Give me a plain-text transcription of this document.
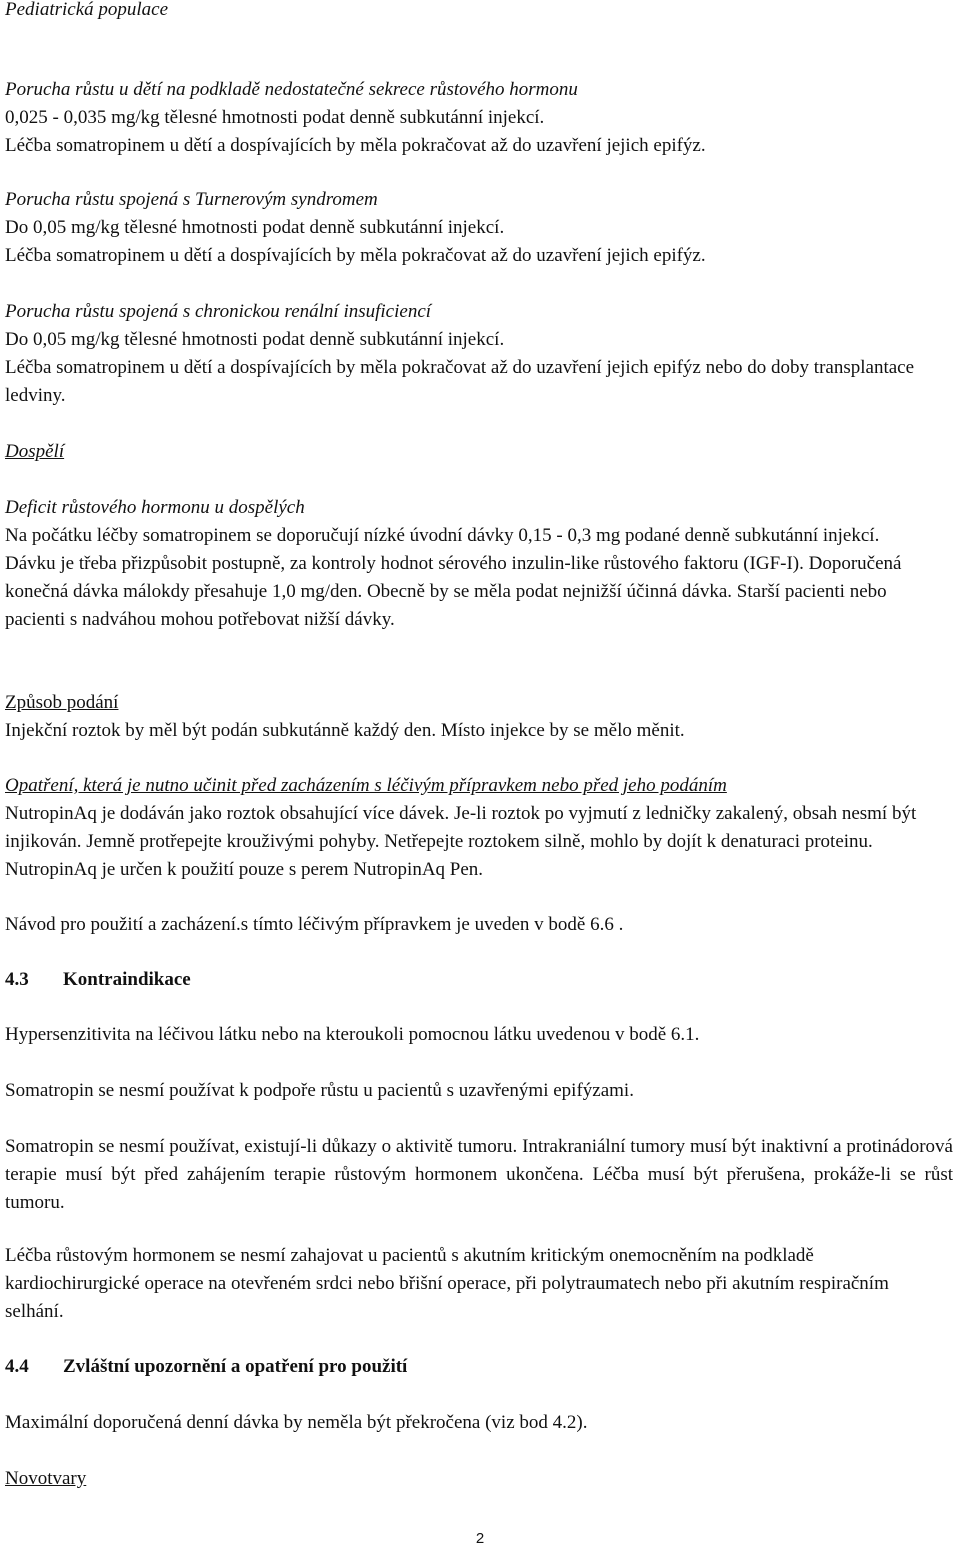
Pediatrická populace

Porucha růstu u dětí na podkladě nedostatečné sekrece růstového hormonu

0,025 - 0,035 mg/kg tělesné hmotnosti podat denně subkutánní injekcí.

Léčba somatropinem u dětí a dospívajících by měla pokračovat až do uzavření jejich epifýz.

Porucha růstu spojená s Turnerovým syndromem

Do 0,05 mg/kg tělesné hmotnosti podat denně subkutánní injekcí.

Léčba somatropinem u dětí a dospívajících by měla pokračovat až do uzavření jejich epifýz.

Porucha růstu spojená s chronickou renální insuficiencí

Do 0,05 mg/kg tělesné hmotnosti podat denně subkutánní injekcí.

Léčba somatropinem u dětí a dospívajících by měla pokračovat až do uzavření jejich epifýz nebo do doby transplantace ledviny.

Dospělí

Deficit růstového hormonu u dospělých

Na počátku léčby somatropinem se doporučují nízké úvodní dávky 0,15 - 0,3 mg podané denně subkutánní injekcí. Dávku je třeba přizpůsobit postupně, za kontroly hodnot sérového inzulin-like růstového faktoru (IGF-I). Doporučená konečná dávka málokdy přesahuje 1,0 mg/den. Obecně by se měla podat nejnižší účinná dávka. Starší pacienti nebo pacienti s nadváhou mohou potřebovat nižší dávky.

Způsob podání

Injekční roztok by měl být podán subkutánně každý den. Místo injekce by se mělo měnit.

Opatření, která je nutno učinit před zacházením s léčivým přípravkem nebo před jeho podáním

NutropinAq je dodáván jako roztok obsahující více dávek. Je-li roztok po vyjmutí z ledničky zakalený, obsah nesmí být injikován. Jemně protřepejte krouživými pohyby. Netřepejte roztokem silně, mohlo by dojít k denaturaci proteinu. NutropinAq je určen k použití pouze s perem NutropinAq Pen.

Návod pro použití a zacházení.s tímto léčivým přípravkem je uveden v bodě 6.6 .

4.3 Kontraindikace

Hypersenzitivita na léčivou látku nebo na kteroukoli pomocnou látku uvedenou v bodě 6.1.

Somatropin se nesmí používat k podpoře růstu u pacientů s uzavřenými epifýzami.

Somatropin se nesmí používat, existují-li důkazy o aktivitě tumoru. Intrakraniální tumory musí být inaktivní a protinádorová terapie musí být před zahájením terapie růstovým hormonem ukončena. Léčba musí být přerušena, prokáže-li se růst tumoru.

Léčba růstovým hormonem se nesmí zahajovat u pacientů s akutním kritickým onemocněním na podkladě kardiochirurgické operace na otevřeném srdci nebo břišní operace, při polytraumatech nebo při akutním respiračním selhání.

4.4 Zvláštní upozornění a opatření pro použití

Maximální doporučená denní dávka by neměla být překročena (viz bod 4.2).

Novotvary

2
